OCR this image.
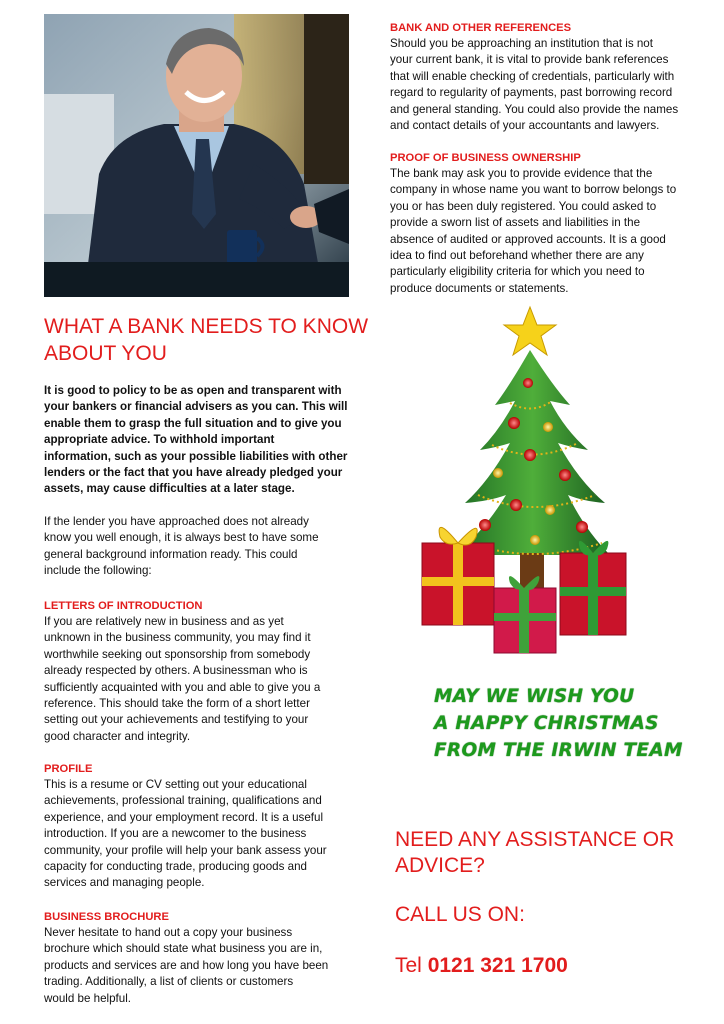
WHAT A BANK NEEDS TO KNOW
ABOUT YOU

It is good to policy to be as open and transparent with

your bankers or financial advisers as you can. This will

enable them to grasp the full situation and to give you

appropriate advice. To withhold important

information, such as your possible liabilities with other

lenders or the fact that you have already pledged your

assets, may cause difficulties at a later stage.

If the lender you have approached does not already

know you well enough, it is always best to have some

general background information ready. This could

include the following:

LETTERS OF INTRODUCTION

If you are relatively new in business and as yet

unknown in the business community, you may find it

worthwhile seeking out sponsorship from somebody

already respected by others. A businessman who is

sufficiently acquainted with you and able to give you a

reference. This should take the form of a short letter

setting out your achievements and testifying to your

good character and integrity.

PROFILE

This is a resume or CV setting out your educational

achievements, professional training, qualifications and

experience, and your employment record. It is a useful

introduction. If you are a newcomer to the business

community, your profile will help your bank assess your

capacity for conducting trade, producing goods and

services and managing people.

BUSINESS BROCHURE

Never hesitate to hand out a copy your business

brochure which should state what business you are in,

products and services are and how long you have been

trading. Additionally, a list of clients or customers

would be helpful.

BANK AND OTHER REFERENCES

Should you be approaching an institution that is not

your current bank, it is vital to provide bank references

that will enable checking of credentials, particularly with

regard to regularity of payments, past borrowing record

and general standing. You could also provide the names

and contact details of your accountants and lawyers.

PROOF OF BUSINESS OWNERSHIP

The bank may ask you to provide evidence that the

company in whose name you want to borrow belongs to

you or has been duly registered. You could asked to

provide a sworn list of assets and liabilities in the

absence of audited or approved accounts. It is a good

idea to find out beforehand whether there are any

particularly eligibility criteria for which you need to

produce documents or statements.

MAY WE WISH YOU
A HAPPY CHRISTMAS
FROM THE IRWIN TEAM
NEED ANY ASSISTANCE OR
ADVICE?
CALL US ON:
Tel 0121 321 1700
